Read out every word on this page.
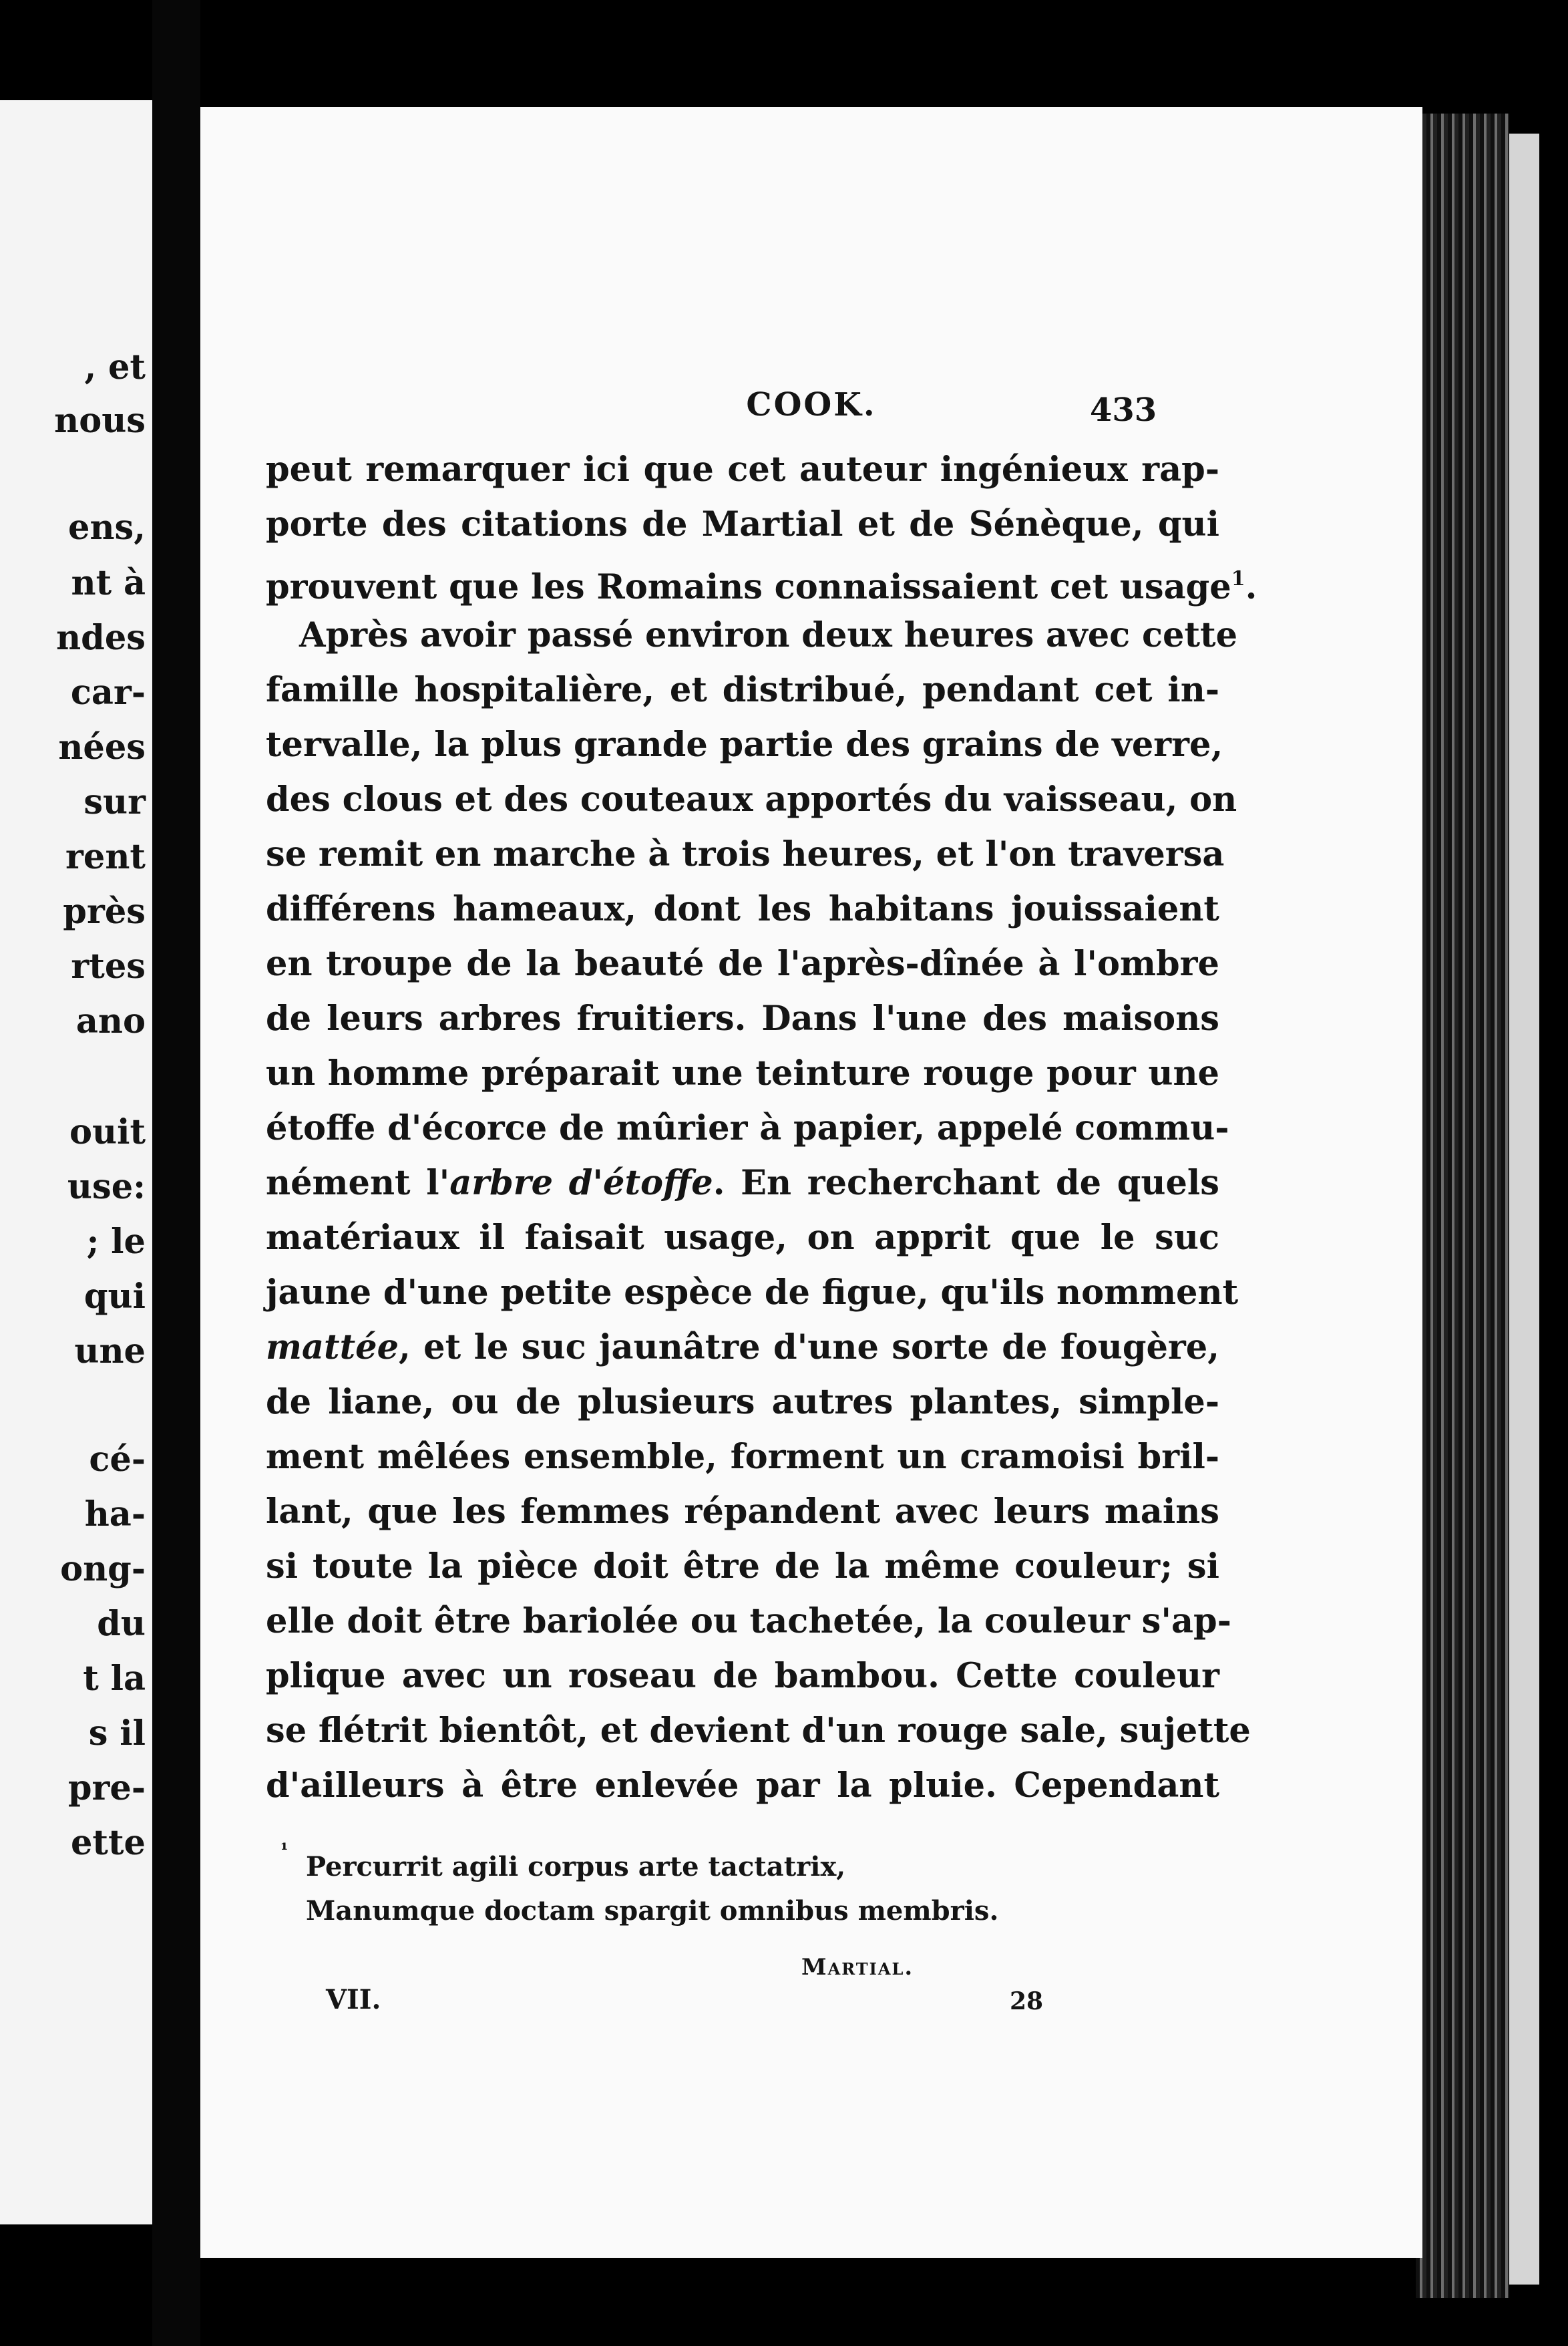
, et
nous
ens,
nt à
ndes
car-
nées
sur
rent
près
rtes
ano
ouit
use:
; le
qui
une
cé-
ha-
ong-
du
t la
s il
pre-
ette
COOK.	433
peut remarquer ici que cet auteur ingénieux rap-
porte des citations de Martial et de Sénèque, qui
prouvent que les Romains connaissaient cet usage$^1$.
Après avoir passé environ deux heures avec cette
famille hospitalière, et distribué, pendant cet in-
tervalle, la plus grande partie des grains de verre,
des clous et des couteaux apportés du vaisseau, on
se remit en marche à trois heures, et l'on traversa
différens hameaux, dont les habitans jouissaient
en troupe de la beauté de l'après-dînée à l'ombre
de leurs arbres fruitiers. Dans l'une des maisons
un homme préparait une teinture rouge pour une
étoffe d'écorce de mûrier à papier, appelé commu-
nément l'arbre d'étoffe. En recherchant de quels
matériaux il faisait usage, on apprit que le suc
jaune d'une petite espèce de figue, qu'ils nomment
mattée, et le suc jaunâtre d'une sorte de fougère,
de liane, ou de plusieurs autres plantes, simple-
ment mêlées ensemble, forment un cramoisi bril-
lant, que les femmes répandent avec leurs mains
si toute la pièce doit être de la même couleur; si
elle doit être bariolée ou tachetée, la couleur s'ap-
plique avec un roseau de bambou. Cette couleur
se flétrit bientôt, et devient d'un rouge sale, sujette
d'ailleurs à être enlevée par la pluie. Cependant
¹
Percurrit agili corpus arte tactatrix,
Manumque doctam spargit omnibus membris.
Martial.
VII.	28
